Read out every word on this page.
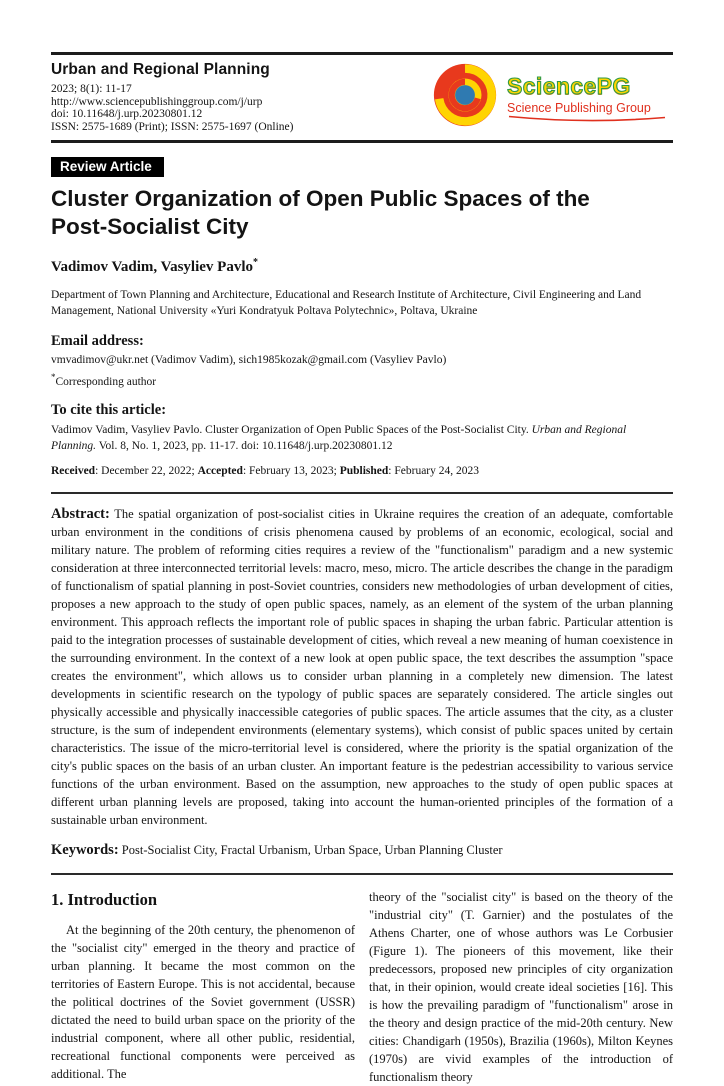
Urban and Regional Planning
2023; 8(1): 11-17
http://www.sciencepublishinggroup.com/j/urp
doi: 10.11648/j.urp.20230801.12
ISSN: 2575-1689 (Print); ISSN: 2575-1697 (Online)
SciencePG
Science Publishing Group
Review Article
Cluster Organization of Open Public Spaces of the Post-Socialist City
Vadimov Vadim, Vasyliev Pavlo*
Department of Town Planning and Architecture, Educational and Research Institute of Architecture, Civil Engineering and Land Management, National University «Yuri Kondratyuk Poltava Polytechnic», Poltava, Ukraine
Email address:
vmvadimov@ukr.net (Vadimov Vadim), sich1985kozak@gmail.com (Vasyliev Pavlo)
*Corresponding author
To cite this article:
Vadimov Vadim, Vasyliev Pavlo. Cluster Organization of Open Public Spaces of the Post-Socialist City. Urban and Regional Planning. Vol. 8, No. 1, 2023, pp. 11-17. doi: 10.11648/j.urp.20230801.12
Received: December 22, 2022; Accepted: February 13, 2023; Published: February 24, 2023

Abstract: The spatial organization of post-socialist cities in Ukraine requires the creation of an adequate, comfortable urban environment in the conditions of crisis phenomena caused by problems of an economic, ecological, social and military nature. The problem of reforming cities requires a review of the "functionalism" paradigm and a new systemic consideration at three interconnected territorial levels: macro, meso, micro. The article describes the change in the paradigm of functionalism of spatial planning in post-Soviet countries, considers new methodologies of urban development of cities, proposes a new approach to the study of open public spaces, namely, as an element of the system of the urban planning environment. This approach reflects the important role of public spaces in shaping the urban fabric. Particular attention is paid to the integration processes of sustainable development of cities, which reveal a new meaning of human coexistence in the surrounding environment. In the context of a new look at open public space, the text describes the assumption "space creates the environment", which allows us to consider urban planning in a completely new dimension. The latest developments in scientific research on the typology of public spaces are separately considered. The article singles out physically accessible and physically inaccessible categories of public spaces. The article assumes that the city, as a cluster structure, is the sum of independent environments (elementary systems), which consist of public spaces united by certain characteristics. The issue of the micro-territorial level is considered, where the priority is the spatial organization of the city's public spaces on the basis of an urban cluster. An important feature is the pedestrian accessibility to various service functions of the urban environment. Based on the assumption, new approaches to the study of open public spaces at different urban planning levels are proposed, taking into account the human-oriented principles of the formation of a sustainable urban environment.

Keywords: Post-Socialist City, Fractal Urbanism, Urban Space, Urban Planning Cluster

1. Introduction

At the beginning of the 20th century, the phenomenon of the "socialist city" emerged in the theory and practice of urban planning. It became the most common on the territories of Eastern Europe. This is not accidental, because the political doctrines of the Soviet government (USSR) dictated the need to build urban space on the priority of the industrial component, where all other public, residential, recreational functional components were perceived as additional. The

theory of the "socialist city" is based on the theory of the "industrial city" (T. Garnier) and the postulates of the Athens Charter, one of whose authors was Le Corbusier (Figure 1). The pioneers of this movement, like their predecessors, proposed new principles of city organization that, in their opinion, would create ideal societies [16]. This is how the prevailing paradigm of "functionalism" arose in the theory and design practice of the mid-20th century. New cities: Chandigarh (1950s), Brazilia (1960s), Milton Keynes (1970s) are vivid examples of the introduction of functionalism theory
